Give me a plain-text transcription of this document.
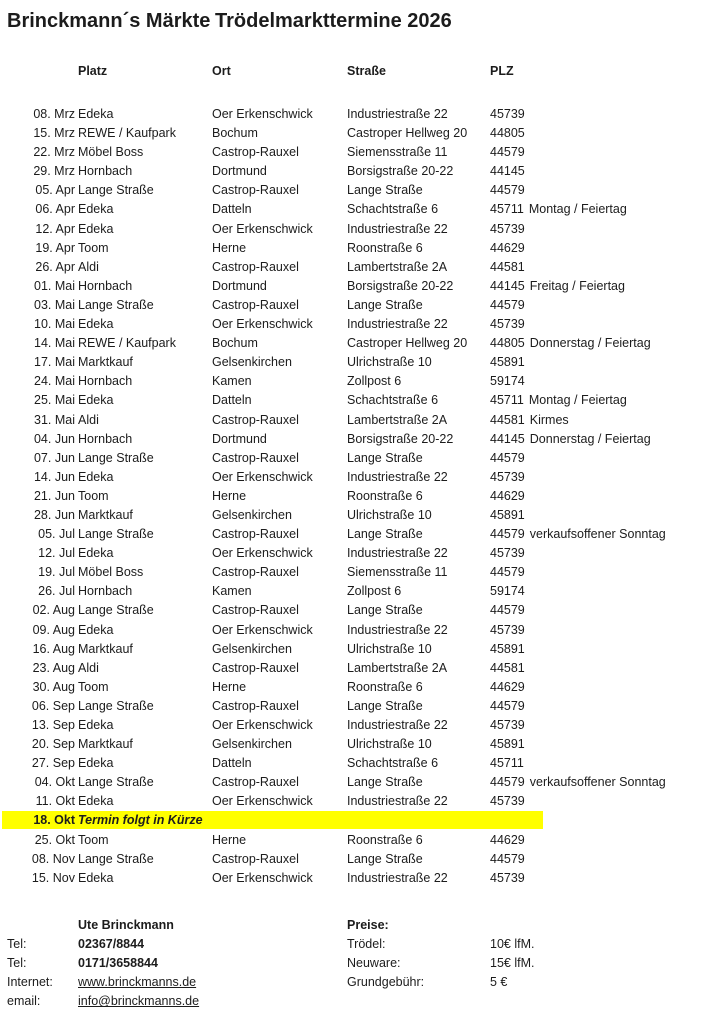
Brinckmann´s Märkte Trödelmarkttermine 2026
Platz	Ort	Straße	PLZ
08. Mrz Edeka	Oer Erkenschwick	Industriestraße 22	45739
15. Mrz REWE / Kaufpark	Bochum	Castroper Hellweg 20	44805
22. Mrz Möbel Boss	Castrop-Rauxel	Siemensstraße 11	44579
29. Mrz Hornbach	Dortmund	Borsigstraße 20-22	44145
05. Apr Lange Straße	Castrop-Rauxel	Lange Straße	44579
06. Apr Edeka	Datteln	Schachtstraße 6	45711 Montag / Feiertag
12. Apr Edeka	Oer Erkenschwick	Industriestraße 22	45739
19. Apr Toom	Herne	Roonstraße 6	44629
26. Apr Aldi	Castrop-Rauxel	Lambertstraße 2A	44581
01. Mai Hornbach	Dortmund	Borsigstraße 20-22	44145 Freitag / Feiertag
03. Mai Lange Straße	Castrop-Rauxel	Lange Straße	44579
10. Mai Edeka	Oer Erkenschwick	Industriestraße 22	45739
14. Mai REWE / Kaufpark	Bochum	Castroper Hellweg 20	44805 Donnerstag / Feiertag
17. Mai Marktkauf	Gelsenkirchen	Ulrichstraße 10	45891
24. Mai Hornbach	Kamen	Zollpost 6	59174
25. Mai Edeka	Datteln	Schachtstraße 6	45711 Montag / Feiertag
31. Mai Aldi	Castrop-Rauxel	Lambertstraße 2A	44581 Kirmes
04. Jun Hornbach	Dortmund	Borsigstraße 20-22	44145 Donnerstag / Feiertag
07. Jun Lange Straße	Castrop-Rauxel	Lange Straße	44579
14. Jun Edeka	Oer Erkenschwick	Industriestraße 22	45739
21. Jun Toom	Herne	Roonstraße 6	44629
28. Jun Marktkauf	Gelsenkirchen	Ulrichstraße 10	45891
05. Jul Lange Straße	Castrop-Rauxel	Lange Straße	44579 verkaufsoffener Sonntag
12. Jul Edeka	Oer Erkenschwick	Industriestraße 22	45739
19. Jul Möbel Boss	Castrop-Rauxel	Siemensstraße 11	44579
26. Jul Hornbach	Kamen	Zollpost 6	59174
02. Aug Lange Straße	Castrop-Rauxel	Lange Straße	44579
09. Aug Edeka	Oer Erkenschwick	Industriestraße 22	45739
16. Aug Marktkauf	Gelsenkirchen	Ulrichstraße 10	45891
23. Aug Aldi	Castrop-Rauxel	Lambertstraße 2A	44581
30. Aug Toom	Herne	Roonstraße 6	44629
06. Sep Lange Straße	Castrop-Rauxel	Lange Straße	44579
13. Sep Edeka	Oer Erkenschwick	Industriestraße 22	45739
20. Sep Marktkauf	Gelsenkirchen	Ulrichstraße 10	45891
27. Sep Edeka	Datteln	Schachtstraße 6	45711
04. Okt Lange Straße	Castrop-Rauxel	Lange Straße	44579 verkaufsoffener Sonntag
11. Okt Edeka	Oer Erkenschwick	Industriestraße 22	45739
18. Okt Termin folgt in Kürze
25. Okt Toom	Herne	Roonstraße 6	44629
08. Nov Lange Straße	Castrop-Rauxel	Lange Straße	44579
15. Nov Edeka	Oer Erkenschwick	Industriestraße 22	45739
Ute Brinckmann
Tel:	02367/8844
Tel:	0171/3658844
Internet:	www.brinckmanns.de
email:	info@brinckmanns.de
Preise:
Trödel:	10€ lfM.
Neuware:	15€ lfM.
Grundgebühr:	5 €
